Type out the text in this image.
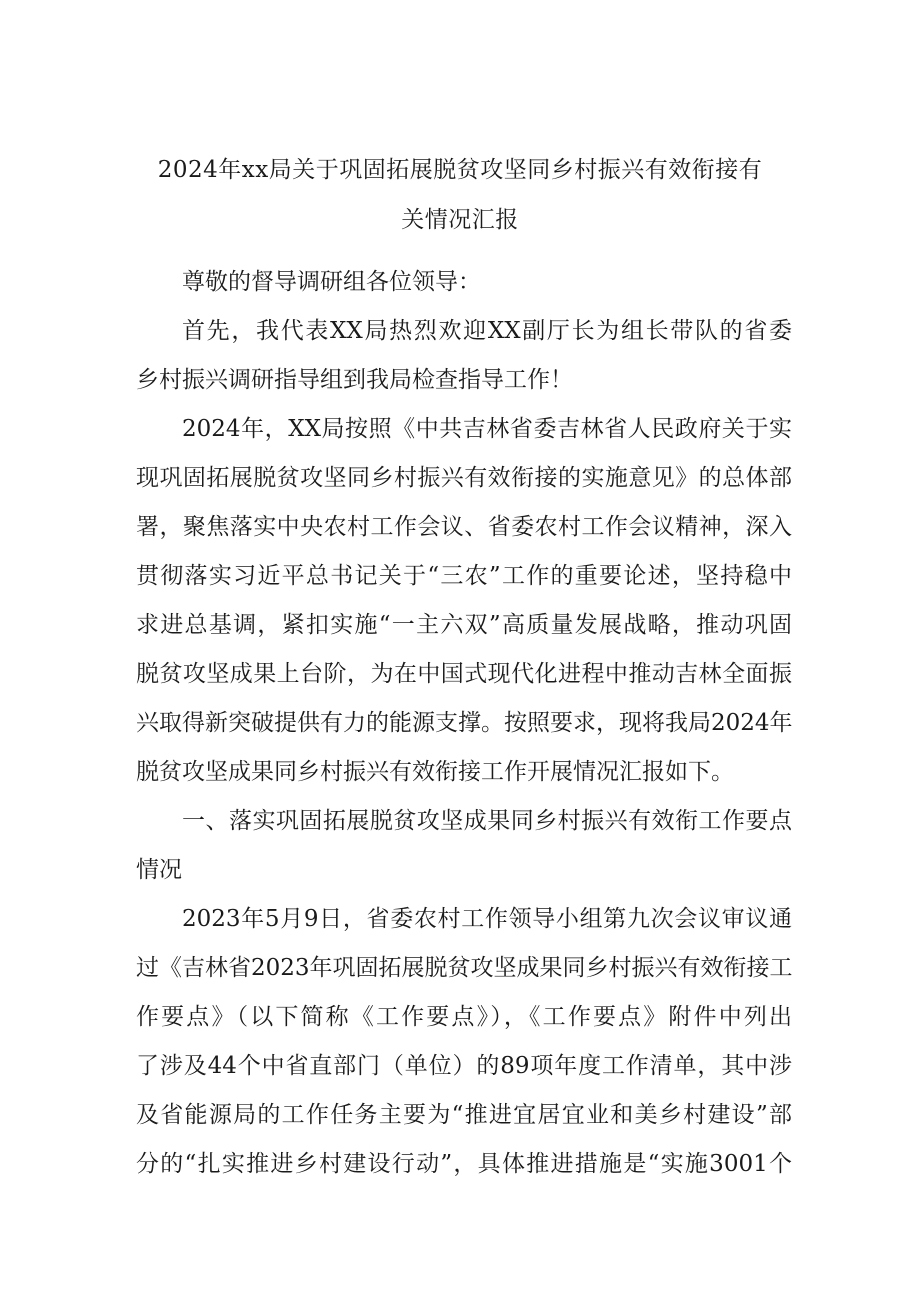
2024年xx局关于巩固拓展脱贫攻坚同乡村振兴有效衔接有
关情况汇报
尊敬的督导调研组各位领导：
首先，我代表XX局热烈欢迎XX副厅长为组长带队的省委
乡村振兴调研指导组到我局检查指导工作！
2024年，XX局按照《中共吉林省委吉林省人民政府关于实
现巩固拓展脱贫攻坚同乡村振兴有效衔接的实施意见》的总体部
署，聚焦落实中央农村工作会议、省委农村工作会议精神，深入
贯彻落实习近平总书记关于“三农”工作的重要论述，坚持稳中
求进总基调，紧扣实施“一主六双”高质量发展战略，推动巩固
脱贫攻坚成果上台阶，为在中国式现代化进程中推动吉林全面振
兴取得新突破提供有力的能源支撑。按照要求，现将我局2024年
脱贫攻坚成果同乡村振兴有效衔接工作开展情况汇报如下。
一、落实巩固拓展脱贫攻坚成果同乡村振兴有效衔工作要点
情况
2023年5月9日，省委农村工作领导小组第九次会议审议通
过《吉林省2023年巩固拓展脱贫攻坚成果同乡村振兴有效衔接工
作要点》（以下简称《工作要点》），《工作要点》附件中列出
了涉及44个中省直部门（单位）的89项年度工作清单，其中涉
及省能源局的工作任务主要为“推进宜居宜业和美乡村建设”部
分的“扎实推进乡村建设行动”，具体推进措施是“实施3001个
